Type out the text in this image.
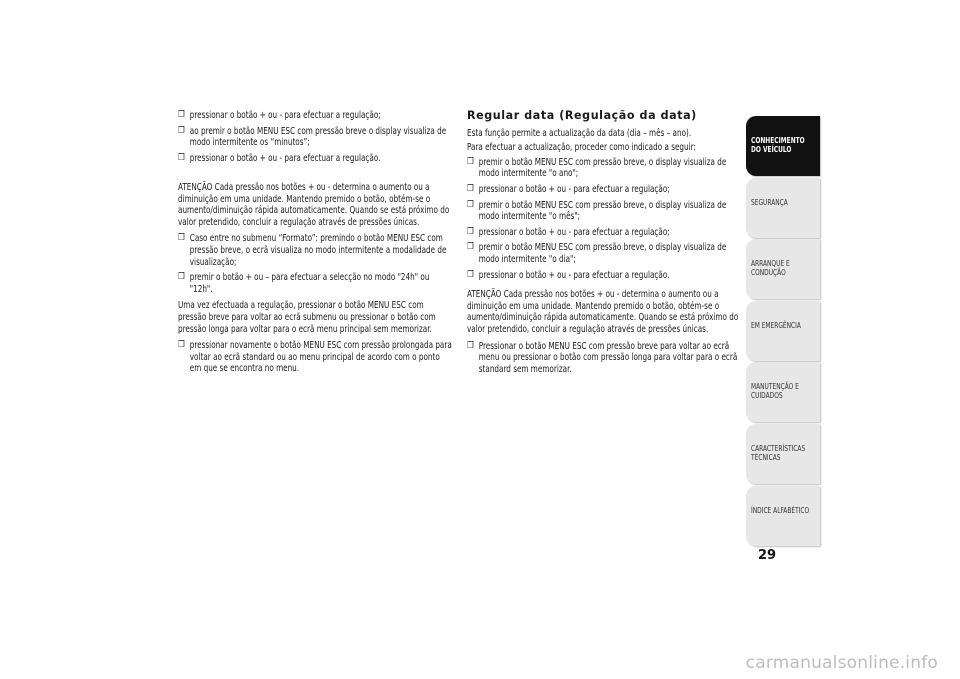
❒ pressionar o botão + ou - para efectuar a regulação;
❒ ao premir o botão MENU ESC com pressão breve o display visualiza de modo intermitente os “minutos”;
❒ pressionar o botão + ou - para efectuar a regulação.

ATENÇÃO Cada pressão nos botões + ou - determina o aumento ou a diminuição em uma unidade. Mantendo premido o botão, obtém-se o aumento/diminuição rápida automaticamente. Quando se está próximo do valor pretendido, concluir a regulação através de pressões únicas.

❒ Caso entre no submenu “Formato”: premindo o botão MENU ESC com pressão breve, o ecrã visualiza no modo intermitente a modalidade de visualização;
❒ premir o botão + ou – para efectuar a selecção no modo "24h" ou "12h".

Uma vez efectuada a regulação, pressionar o botão MENU ESC com pressão breve para voltar ao ecrã submenu ou pressionar o botão com pressão longa para voltar para o ecrã menu principal sem memorizar.

❒ pressionar novamente o botão MENU ESC com pressão prolongada para voltar ao ecrã standard ou ao menu principal de acordo com o ponto em que se encontra no menu.
Regular data (Regulação da data)

Esta função permite a actualização da data (dia – mês – ano).

Para efectuar a actualização, proceder como indicado a seguir:

❒ premir o botão MENU ESC com pressão breve, o display visualiza de modo intermitente "o ano";
❒ pressionar o botão + ou - para efectuar a regulação;
❒ premir o botão MENU ESC com pressão breve, o display visualiza de modo intermitente "o mês";
❒ pressionar o botão + ou - para efectuar a regulação;
❒ premir o botão MENU ESC com pressão breve, o display visualiza de modo intermitente "o dia";
❒ pressionar o botão + ou - para efectuar a regulação.

ATENÇÃO Cada pressão nos botões + ou - determina o aumento ou a diminuição em uma unidade. Mantendo premido o botão, obtém-se o aumento/diminuição rápida automaticamente. Quando se está próximo do valor pretendido, concluir a regulação através de pressões únicas.

❒ Pressionar o botão MENU ESC com pressão breve para voltar ao ecrã menu ou pressionar o botão com pressão longa para voltar para o ecrã standard sem memorizar.
CONHECIMENTO DO VEÍCULO
SEGURANÇA
ARRANQUE E CONDUÇÃO
EM EMERGÊNCIA
MANUTENÇÃO E CUIDADOS
CARACTERÍSTICAS TÉCNICAS
ÍNDICE ALFABÉTICO
29
carmanualsonline.info
